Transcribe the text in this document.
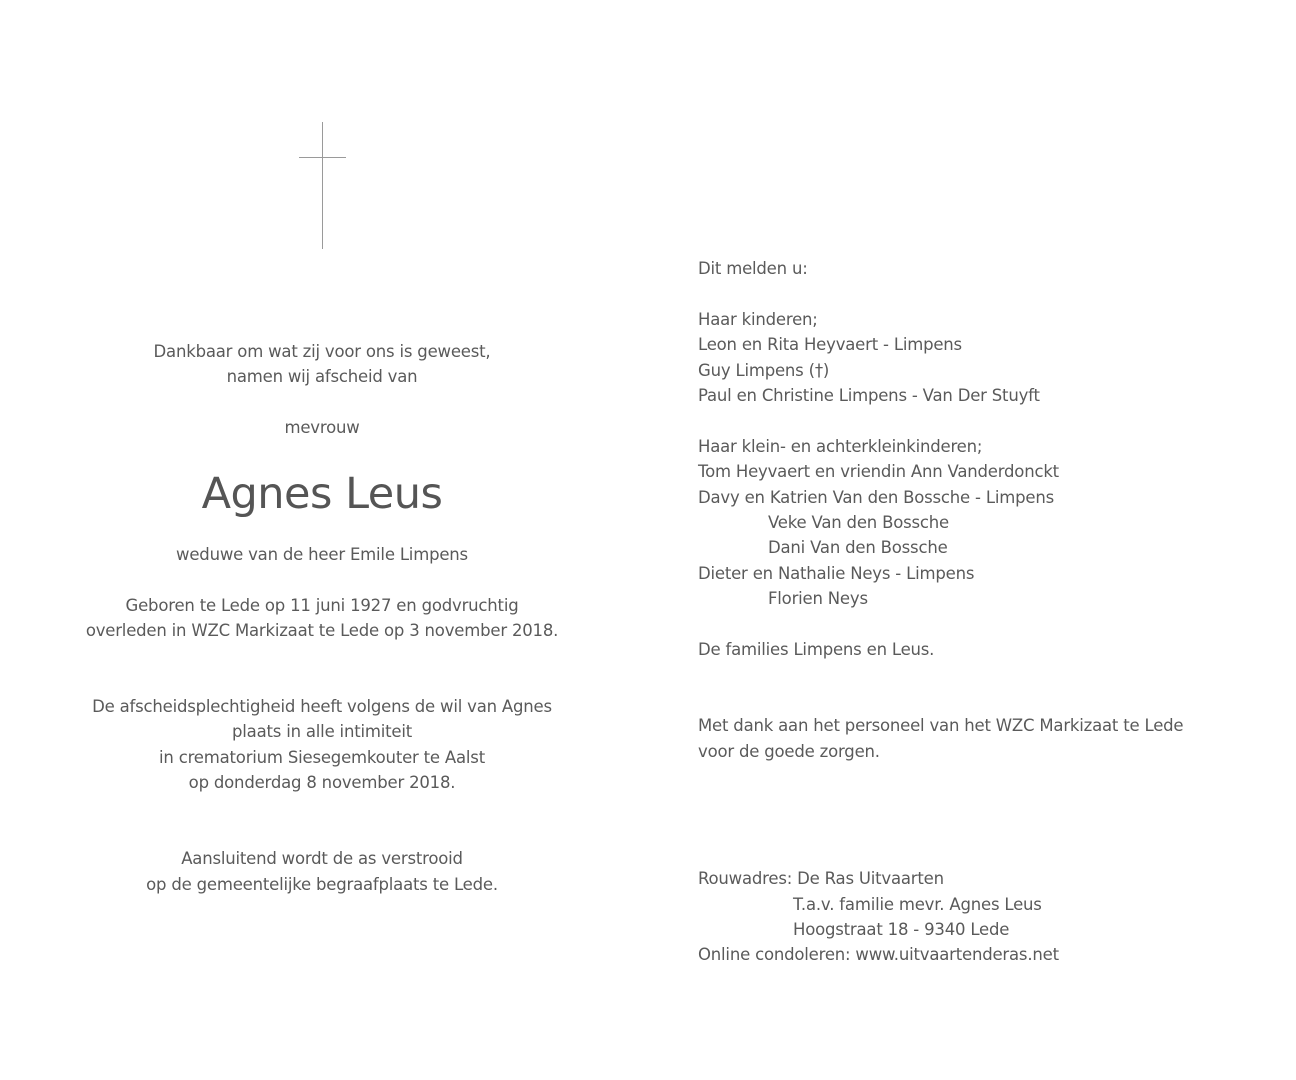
Dankbaar om wat zij voor ons is geweest,
namen wij afscheid van
mevrouw
Agnes Leus
weduwe van de heer Emile Limpens
Geboren te Lede op 11 juni 1927 en godvruchtig
overleden in WZC Markizaat te Lede op 3 november 2018.
De afscheidsplechtigheid heeft volgens de wil van Agnes
plaats in alle intimiteit
in crematorium Siesegemkouter te Aalst
op donderdag 8 november 2018.
Aansluitend wordt de as verstrooid
op de gemeentelijke begraafplaats te Lede.
Dit melden u:
Haar kinderen;
Leon en Rita Heyvaert - Limpens
Guy Limpens (†)
Paul en Christine Limpens - Van Der Stuyft
Haar klein- en achterkleinkinderen;
Tom Heyvaert en vriendin Ann Vanderdonckt
Davy en Katrien Van den Bossche - Limpens
Veke Van den Bossche
Dani Van den Bossche
Dieter en Nathalie Neys - Limpens
Florien Neys
De families Limpens en Leus.
Met dank aan het personeel van het WZC Markizaat te Lede
voor de goede zorgen.
Rouwadres: De Ras Uitvaarten
T.a.v. familie mevr. Agnes Leus
Hoogstraat 18 - 9340 Lede
Online condoleren: www.uitvaartenderas.net
